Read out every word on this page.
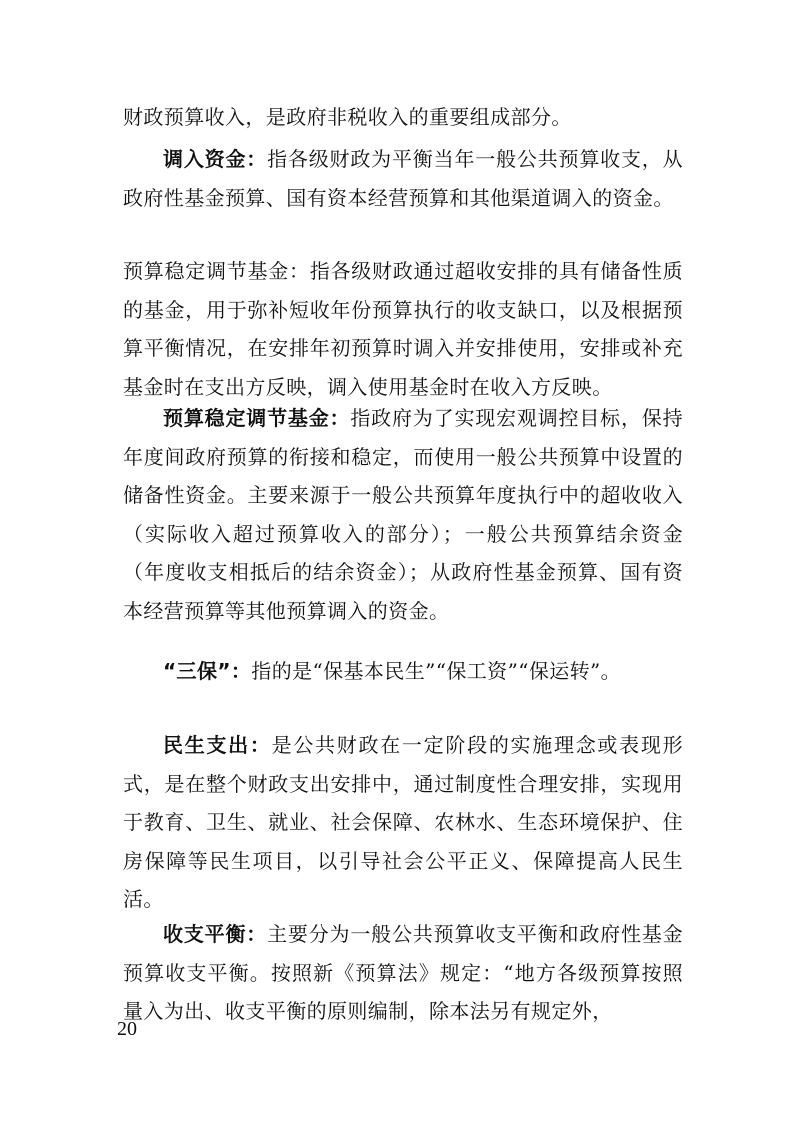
财政预算收入，是政府非税收入的重要组成部分。

调入资金：指各级财政为平衡当年一般公共预算收支，从政府性基金预算、国有资本经营预算和其他渠道调入的资金。

预算稳定调节基金：指各级财政通过超收安排的具有储备性质的基金，用于弥补短收年份预算执行的收支缺口，以及根据预算平衡情况，在安排年初预算时调入并安排使用，安排或补充基金时在支出方反映，调入使用基金时在收入方反映。

预算稳定调节基金：指政府为了实现宏观调控目标，保持年度间政府预算的衔接和稳定，而使用一般公共预算中设置的储备性资金。主要来源于一般公共预算年度执行中的超收收入（实际收入超过预算收入的部分）；一般公共预算结余资金（年度收支相抵后的结余资金）；从政府性基金预算、国有资本经营预算等其他预算调入的资金。

“三保”：指的是“保基本民生”“保工资”“保运转”。

民生支出：是公共财政在一定阶段的实施理念或表现形式，是在整个财政支出安排中，通过制度性合理安排，实现用于教育、卫生、就业、社会保障、农林水、生态环境保护、住房保障等民生项目，以引导社会公平正义、保障提高人民生活。

收支平衡：主要分为一般公共预算收支平衡和政府性基金预算收支平衡。按照新《预算法》规定：“地方各级预算按照量入为出、收支平衡的原则编制，除本法另有规定外，

20
